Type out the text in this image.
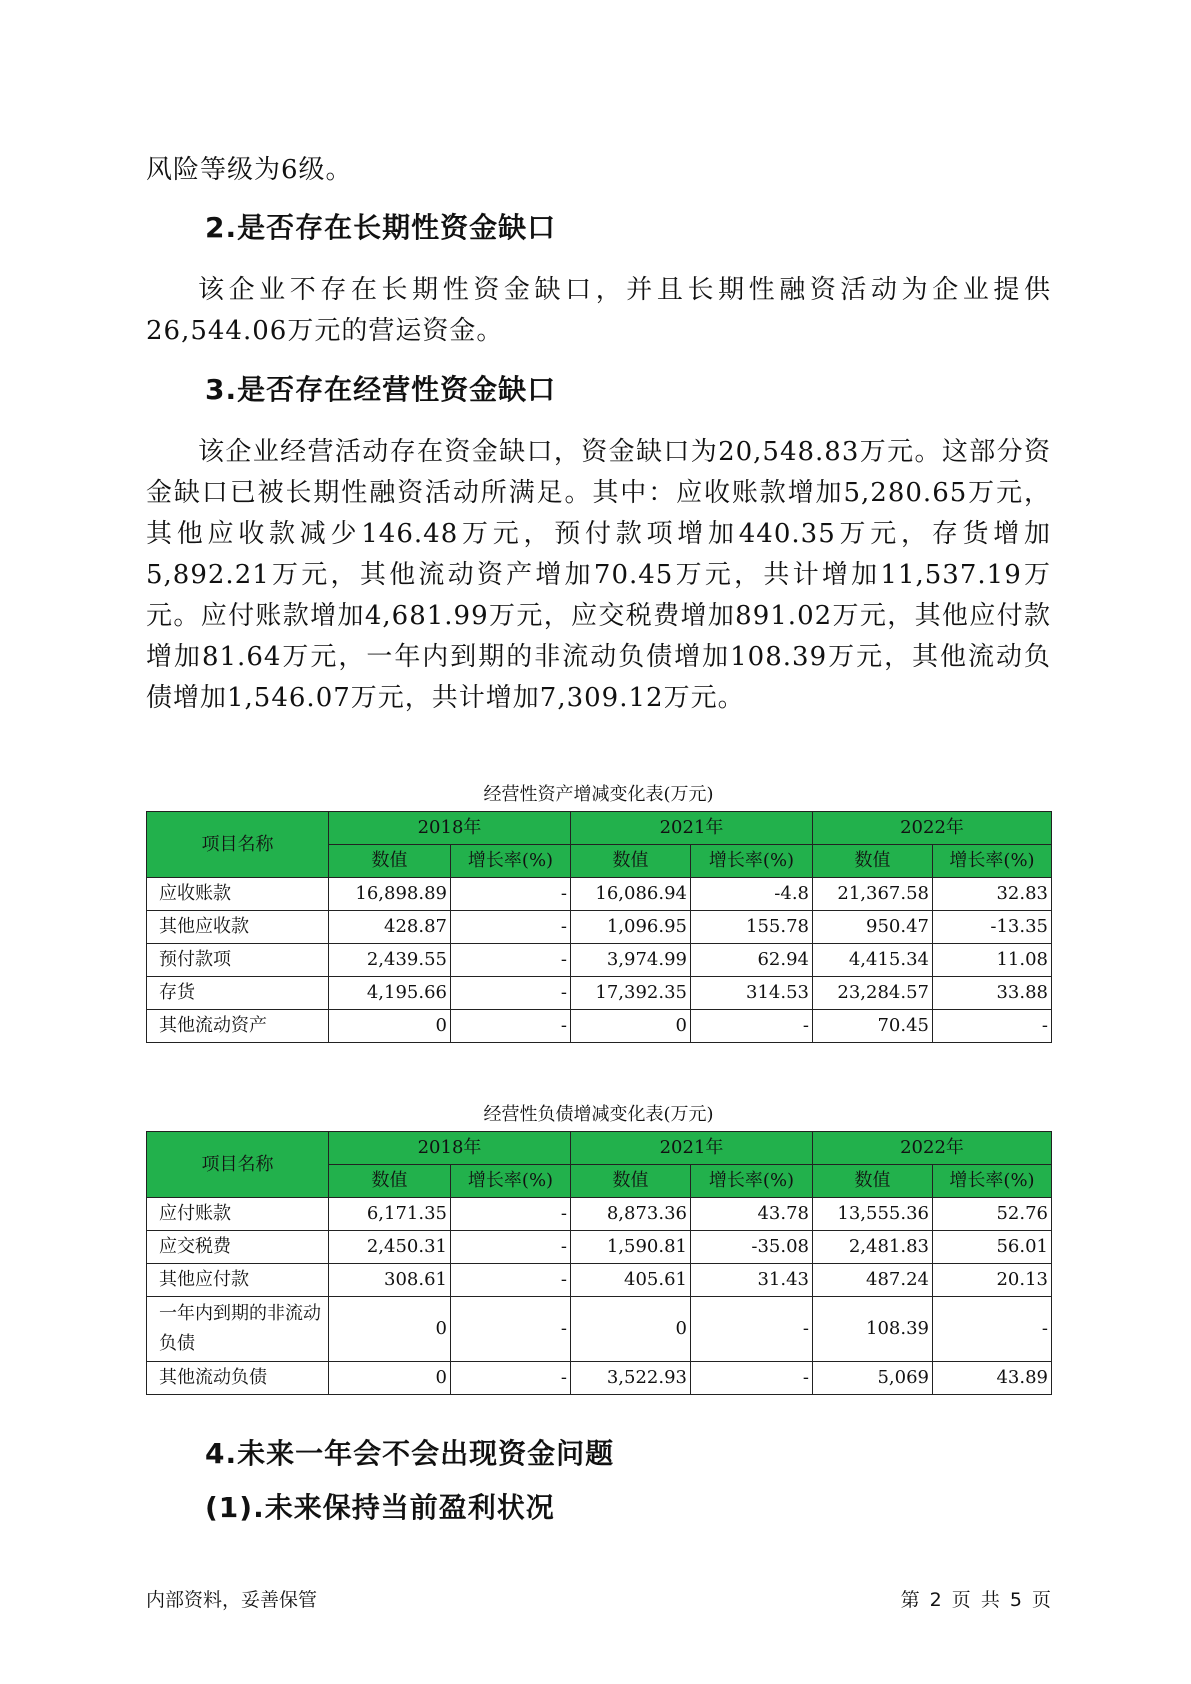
风险等级为6级。

2.是否存在长期性资金缺口

该企业不存在长期性资金缺口，并且长期性融资活动为企业提供26,544.06万元的营运资金。

3.是否存在经营性资金缺口

该企业经营活动存在资金缺口，资金缺口为20,548.83万元。这部分资金缺口已被长期性融资活动所满足。其中：应收账款增加5,280.65万元，其他应收款减少146.48万元，预付款项增加440.35万元，存货增加5,892.21万元，其他流动资产增加70.45万元，共计增加11,537.19万元。应付账款增加4,681.99万元，应交税费增加891.02万元，其他应付款增加81.64万元，一年内到期的非流动负债增加108.39万元，其他流动负债增加1,546.07万元，共计增加7,309.12万元。

经营性资产增减变化表(万元)
项目名称	2018年		2021年		2022年	
	数值	增长率(%)	数值	增长率(%)	数值	增长率(%)
应收账款	16,898.89	-	16,086.94	-4.8	21,367.58	32.83
其他应收款	428.87	-	1,096.95	155.78	950.47	-13.35
预付款项	2,439.55	-	3,974.99	62.94	4,415.34	11.08
存货	4,195.66	-	17,392.35	314.53	23,284.57	33.88
其他流动资产	0	-	0	-	70.45	-
经营性负债增减变化表(万元)
项目名称	2018年		2021年		2022年	
	数值	增长率(%)	数值	增长率(%)	数值	增长率(%)
应付账款	6,171.35	-	8,873.36	43.78	13,555.36	52.76
应交税费	2,450.31	-	1,590.81	-35.08	2,481.83	56.01
其他应付款	308.61	-	405.61	31.43	487.24	20.13
一年内到期的非流动负债	0	-	0	-	108.39	-
其他流动负债	0	-	3,522.93	-	5,069	43.89
4.未来一年会不会出现资金问题
(1).未来保持当前盈利状况
内部资料，妥善保管	第 2 页 共 5 页
